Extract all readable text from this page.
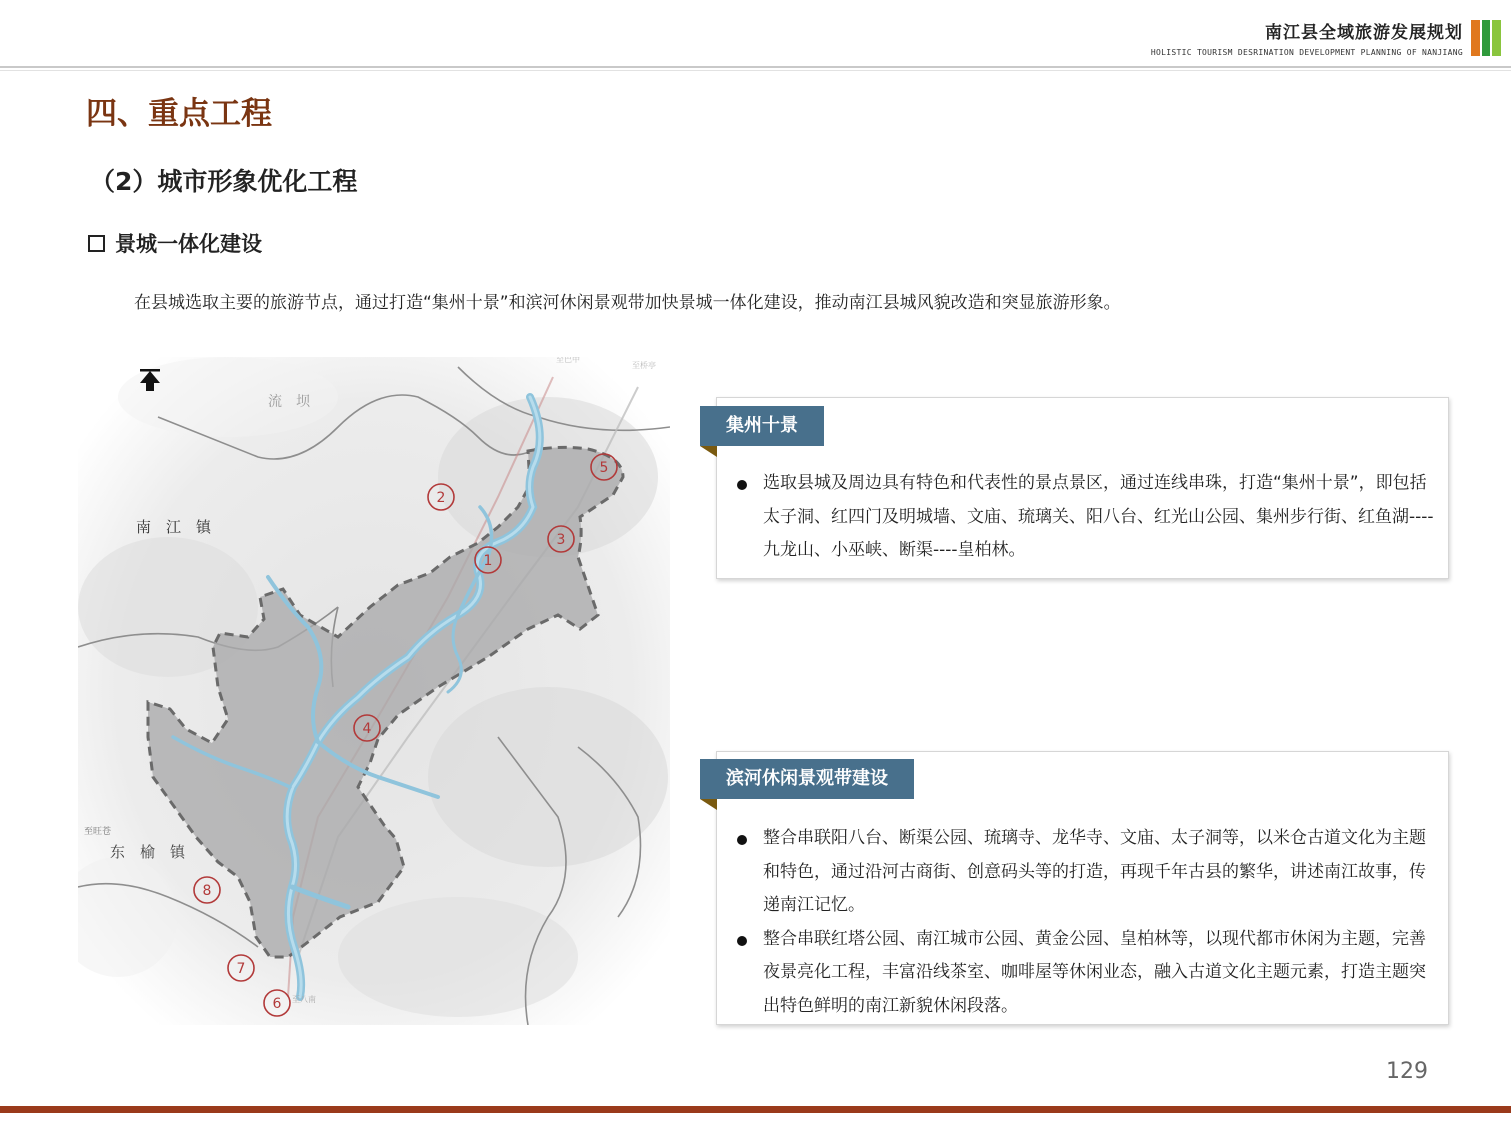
南江县全域旅游发展规划
HOLISTIC TOURISM DESRINATION DEVELOPMENT PLANNING OF NANJIANG
四、重点工程
（2）城市形象优化工程
景城一体化建设
在县城选取主要的旅游节点，通过打造“集州十景”和滨河休闲景观带加快景城一体化建设，推动南江县城风貌改造和突显旅游形象。
流　坝
南　江　镇
东　榆　镇
至旺苍
至巴中
至桥亭
至八南
1
2
3
4
5
6
7
8
集州十景
选取县城及周边具有特色和代表性的景点景区，通过连线串珠，打造“集州十景”，即包括太子洞、红四门及明城墙、文庙、琉璃关、阳八台、红光山公园、集州步行街、红鱼湖----九龙山、小巫峡、断渠----皇柏林。
滨河休闲景观带建设
整合串联阳八台、断渠公园、琉璃寺、龙华寺、文庙、太子洞等，以米仓古道文化为主题和特色，通过沿河古商街、创意码头等的打造，再现千年古县的繁华，讲述南江故事，传递南江记忆。
整合串联红塔公园、南江城市公园、黄金公园、皇柏林等，以现代都市休闲为主题，完善夜景亮化工程，丰富沿线茶室、咖啡屋等休闲业态，融入古道文化主题元素，打造主题突出特色鲜明的南江新貌休闲段落。
129
